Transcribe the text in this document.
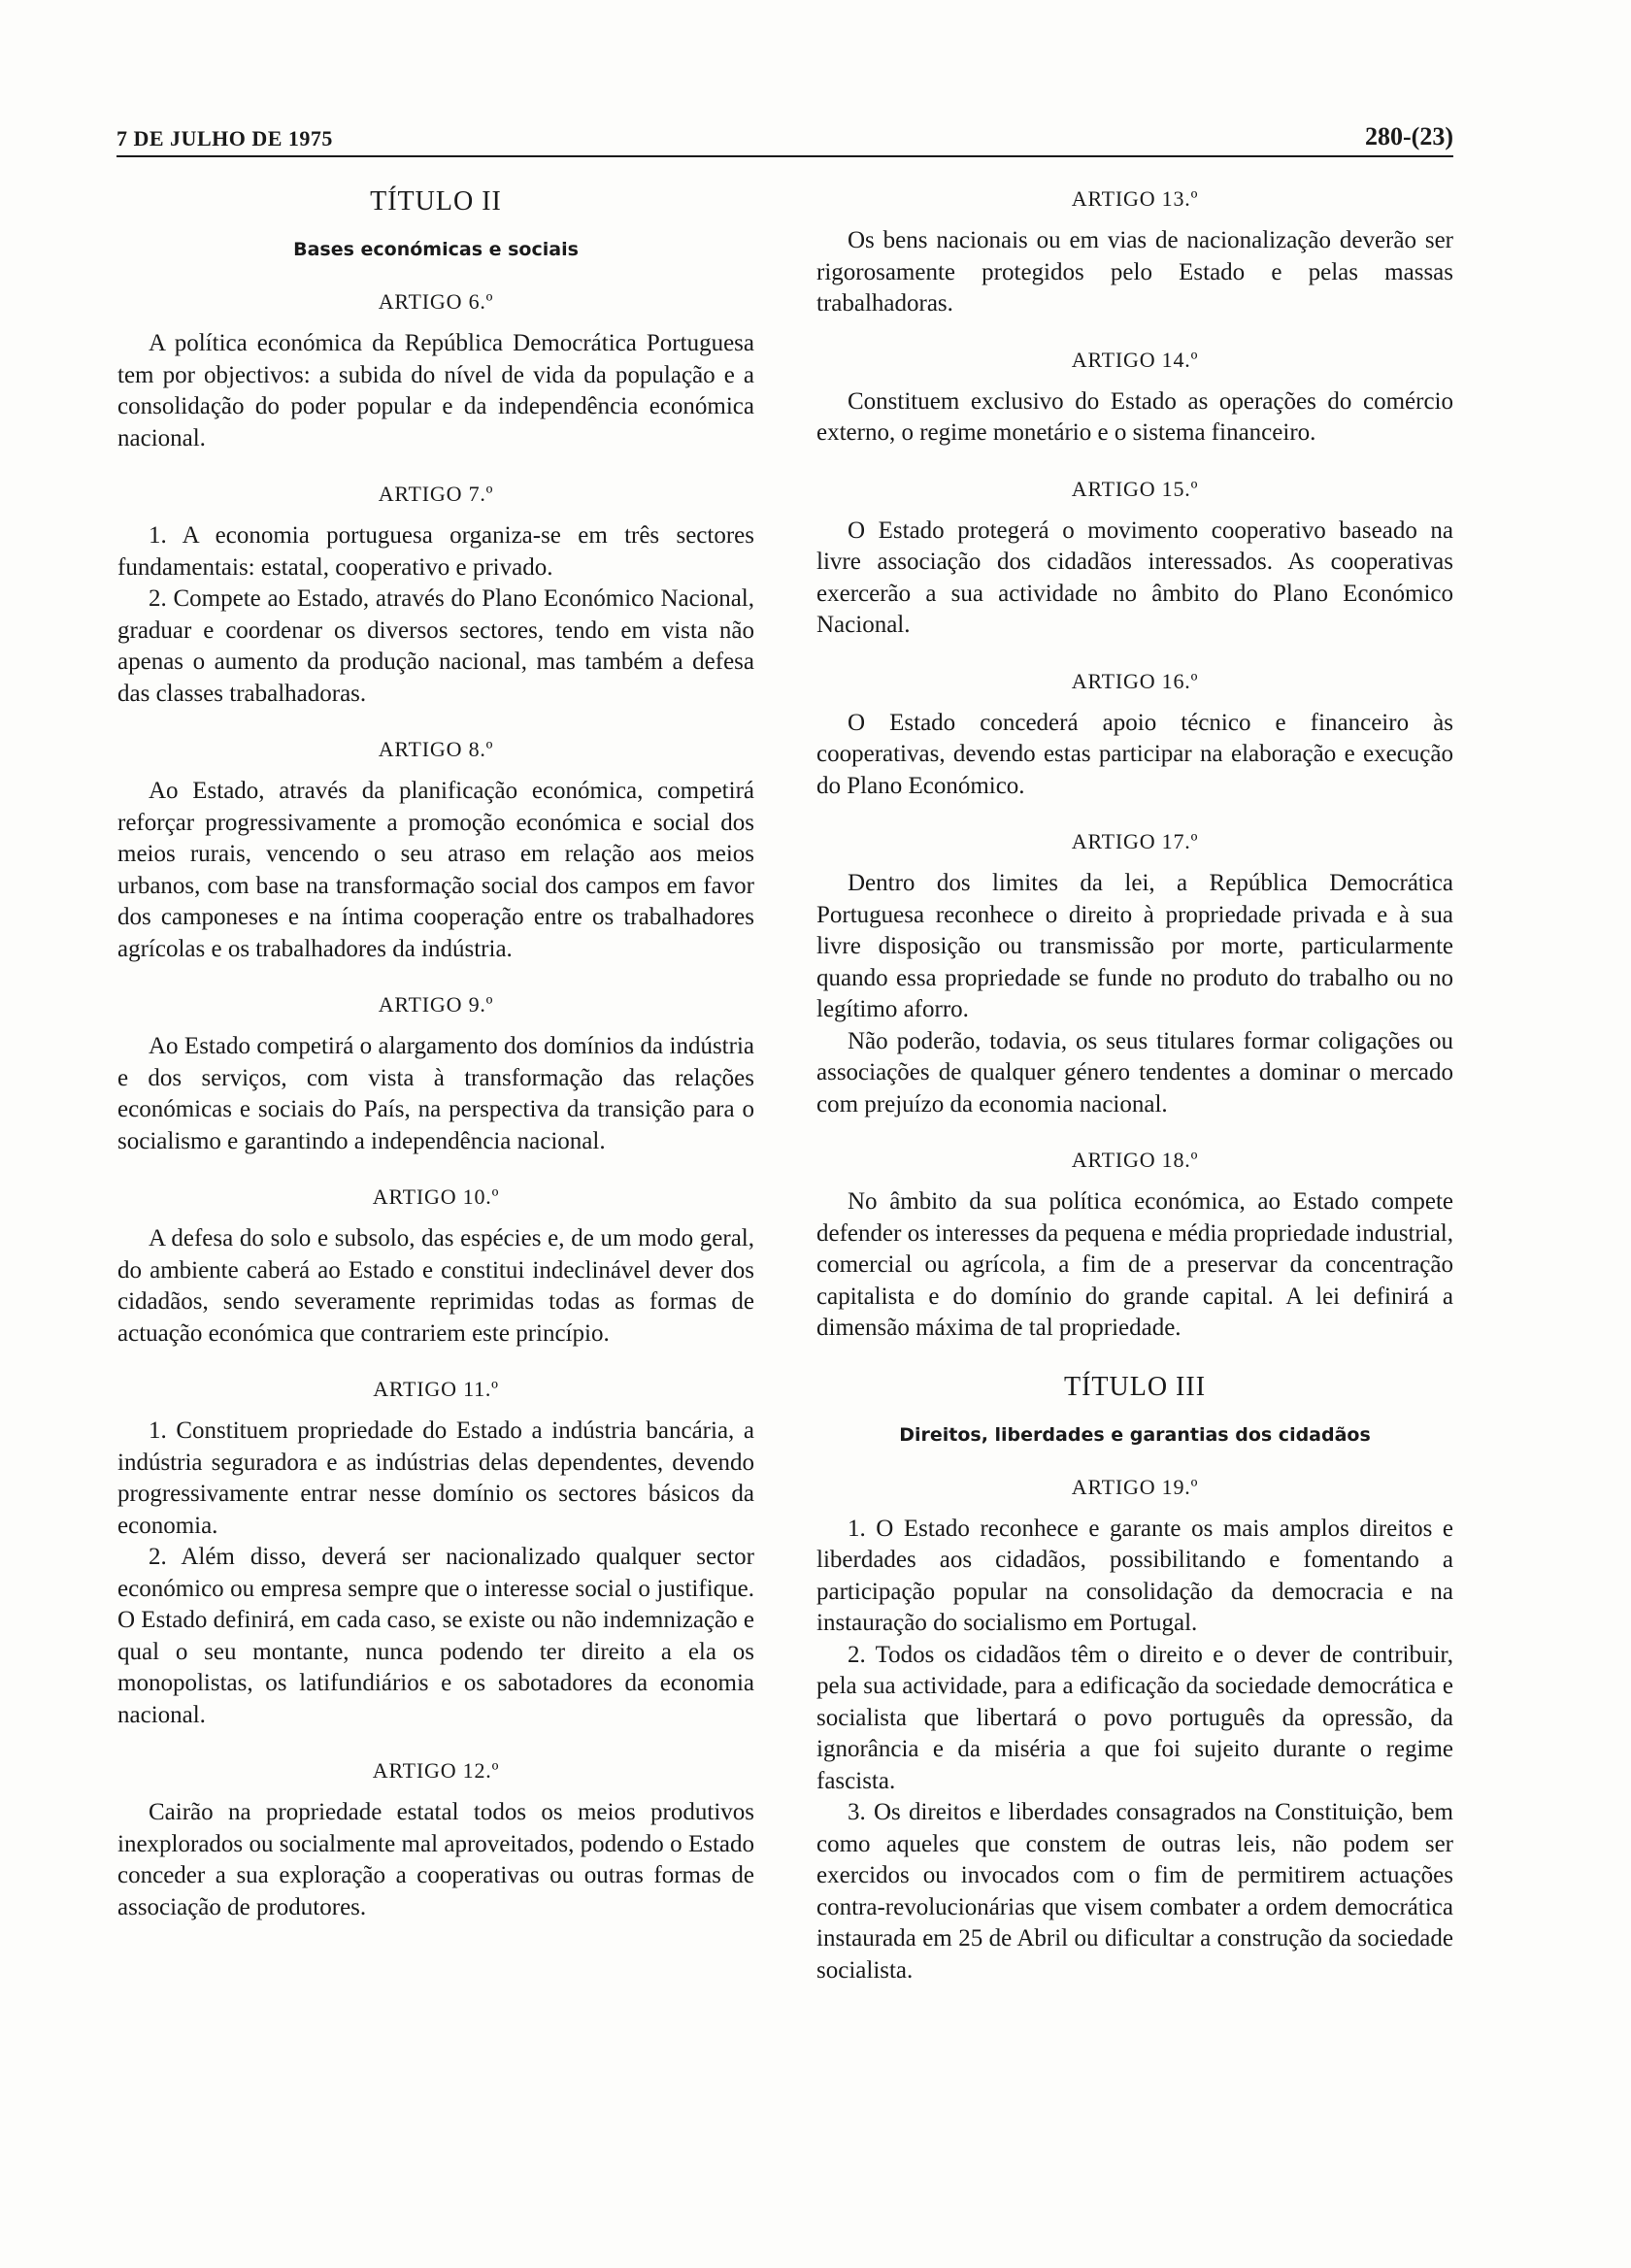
7 DE JULHO DE 1975	280-(23)
TÍTULO II
Bases económicas e sociais
ARTIGO 6.º

A política económica da República Democrática Portuguesa tem por objectivos: a subida do nível de vida da população e a consolidação do poder popular e da independência económica nacional.

ARTIGO 7.º

1. A economia portuguesa organiza-se em três sectores fundamentais: estatal, cooperativo e privado.

2. Compete ao Estado, através do Plano Económico Nacional, graduar e coordenar os diversos sectores, tendo em vista não apenas o aumento da produção nacional, mas também a defesa das classes trabalhadoras.

ARTIGO 8.º

Ao Estado, através da planificação económica, competirá reforçar progressivamente a promoção económica e social dos meios rurais, vencendo o seu atraso em relação aos meios urbanos, com base na transformação social dos campos em favor dos camponeses e na íntima cooperação entre os trabalhadores agrícolas e os trabalhadores da indústria.

ARTIGO 9.º

Ao Estado competirá o alargamento dos domínios da indústria e dos serviços, com vista à transformação das relações económicas e sociais do País, na perspectiva da transição para o socialismo e garantindo a independência nacional.

ARTIGO 10.º

A defesa do solo e subsolo, das espécies e, de um modo geral, do ambiente caberá ao Estado e constitui indeclinável dever dos cidadãos, sendo severamente reprimidas todas as formas de actuação económica que contrariem este princípio.

ARTIGO 11.º

1. Constituem propriedade do Estado a indústria bancária, a indústria seguradora e as indústrias delas dependentes, devendo progressivamente entrar nesse domínio os sectores básicos da economia.

2. Além disso, deverá ser nacionalizado qualquer sector económico ou empresa sempre que o interesse social o justifique. O Estado definirá, em cada caso, se existe ou não indemnização e qual o seu montante, nunca podendo ter direito a ela os monopolistas, os latifundiários e os sabotadores da economia nacional.

ARTIGO 12.º

Cairão na propriedade estatal todos os meios produtivos inexplorados ou socialmente mal aproveitados, podendo o Estado conceder a sua exploração a cooperativas ou outras formas de associação de produtores.

ARTIGO 13.º

Os bens nacionais ou em vias de nacionalização deverão ser rigorosamente protegidos pelo Estado e pelas massas trabalhadoras.

ARTIGO 14.º

Constituem exclusivo do Estado as operações do comércio externo, o regime monetário e o sistema financeiro.

ARTIGO 15.º

O Estado protegerá o movimento cooperativo baseado na livre associação dos cidadãos interessados. As cooperativas exercerão a sua actividade no âmbito do Plano Económico Nacional.

ARTIGO 16.º

O Estado concederá apoio técnico e financeiro às cooperativas, devendo estas participar na elaboração e execução do Plano Económico.

ARTIGO 17.º

Dentro dos limites da lei, a República Democrática Portuguesa reconhece o direito à propriedade privada e à sua livre disposição ou transmissão por morte, particularmente quando essa propriedade se funde no produto do trabalho ou no legítimo aforro.

Não poderão, todavia, os seus titulares formar coligações ou associações de qualquer género tendentes a dominar o mercado com prejuízo da economia nacional.

ARTIGO 18.º

No âmbito da sua política económica, ao Estado compete defender os interesses da pequena e média propriedade industrial, comercial ou agrícola, a fim de a preservar da concentração capitalista e do domínio do grande capital. A lei definirá a dimensão máxima de tal propriedade.

TÍTULO III
Direitos, liberdades e garantias dos cidadãos
ARTIGO 19.º

1. O Estado reconhece e garante os mais amplos direitos e liberdades aos cidadãos, possibilitando e fomentando a participação popular na consolidação da democracia e na instauração do socialismo em Portugal.

2. Todos os cidadãos têm o direito e o dever de contribuir, pela sua actividade, para a edificação da sociedade democrática e socialista que libertará o povo português da opressão, da ignorância e da miséria a que foi sujeito durante o regime fascista.

3. Os direitos e liberdades consagrados na Constituição, bem como aqueles que constem de outras leis, não podem ser exercidos ou invocados com o fim de permitirem actuações contra-revolucionárias que visem combater a ordem democrática instaurada em 25 de Abril ou dificultar a construção da sociedade socialista.
